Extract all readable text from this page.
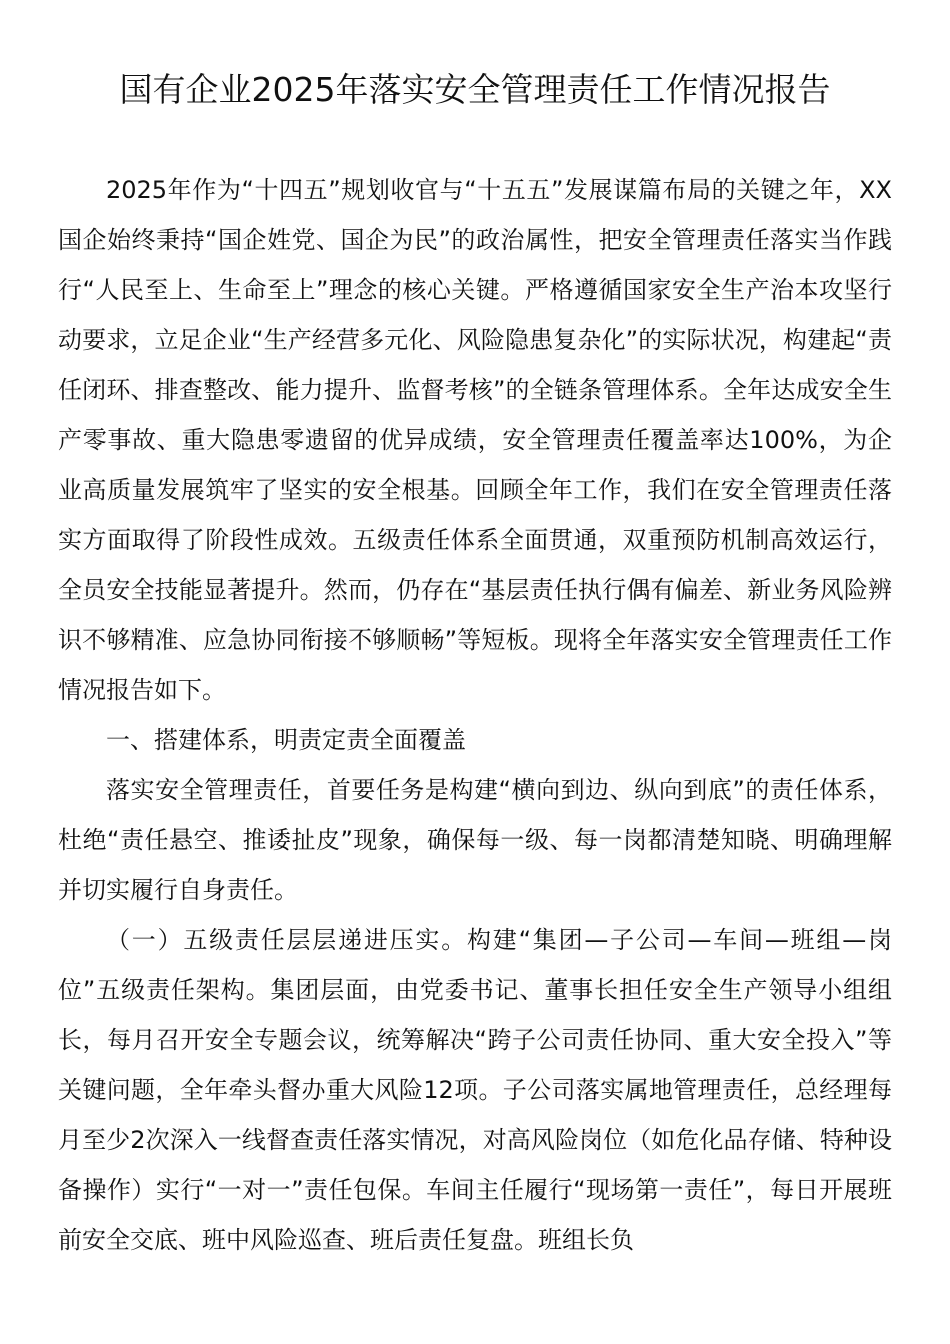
国有企业2025年落实安全管理责任工作情况报告

2025年作为“十四五”规划收官与“十五五”发展谋篇布局的关键之年，XX国企始终秉持“国企姓党、国企为民”的政治属性，把安全管理责任落实当作践行“人民至上、生命至上”理念的核心关键。严格遵循国家安全生产治本攻坚行动要求，立足企业“生产经营多元化、风险隐患复杂化”的实际状况，构建起“责任闭环、排查整改、能力提升、监督考核”的全链条管理体系。全年达成安全生产零事故、重大隐患零遗留的优异成绩，安全管理责任覆盖率达100%，为企业高质量发展筑牢了坚实的安全根基。回顾全年工作，我们在安全管理责任落实方面取得了阶段性成效。五级责任体系全面贯通，双重预防机制高效运行，全员安全技能显著提升。然而，仍存在“基层责任执行偶有偏差、新业务风险辨识不够精准、应急协同衔接不够顺畅”等短板。现将全年落实安全管理责任工作情况报告如下。

一、搭建体系，明责定责全面覆盖

落实安全管理责任，首要任务是构建“横向到边、纵向到底”的责任体系，杜绝“责任悬空、推诿扯皮”现象，确保每一级、每一岗都清楚知晓、明确理解并切实履行自身责任。

（一）五级责任层层递进压实。构建“集团—子公司—车间—班组—岗位”五级责任架构。集团层面，由党委书记、董事长担任安全生产领导小组组长，每月召开安全专题会议，统筹解决“跨子公司责任协同、重大安全投入”等关键问题，全年牵头督办重大风险12项。子公司落实属地管理责任，总经理每月至少2次深入一线督查责任落实情况，对高风险岗位（如危化品存储、特种设备操作）实行“一对一”责任包保。车间主任履行“现场第一责任”，每日开展班前安全交底、班中风险巡查、班后责任复盘。班组长负
